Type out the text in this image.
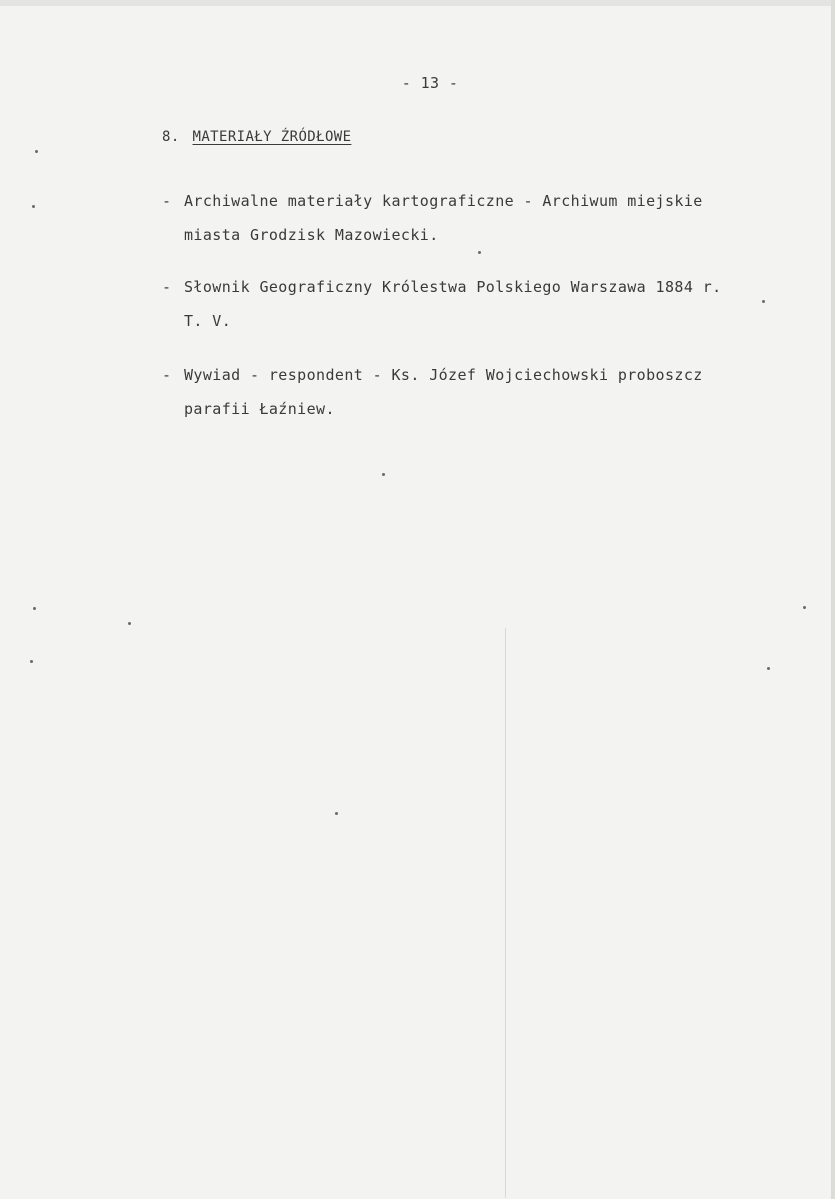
- 13 -
8. MATERIAŁY ŹRÓDŁOWE
- Archiwalne materiały kartograficzne - Archiwum miejskie
miasta Grodzisk Mazowiecki.
- Słownik Geograficzny Królestwa Polskiego Warszawa 1884 r.
T. V.
- Wywiad - respondent - Ks. Józef Wojciechowski proboszcz
parafii Łaźniew.
